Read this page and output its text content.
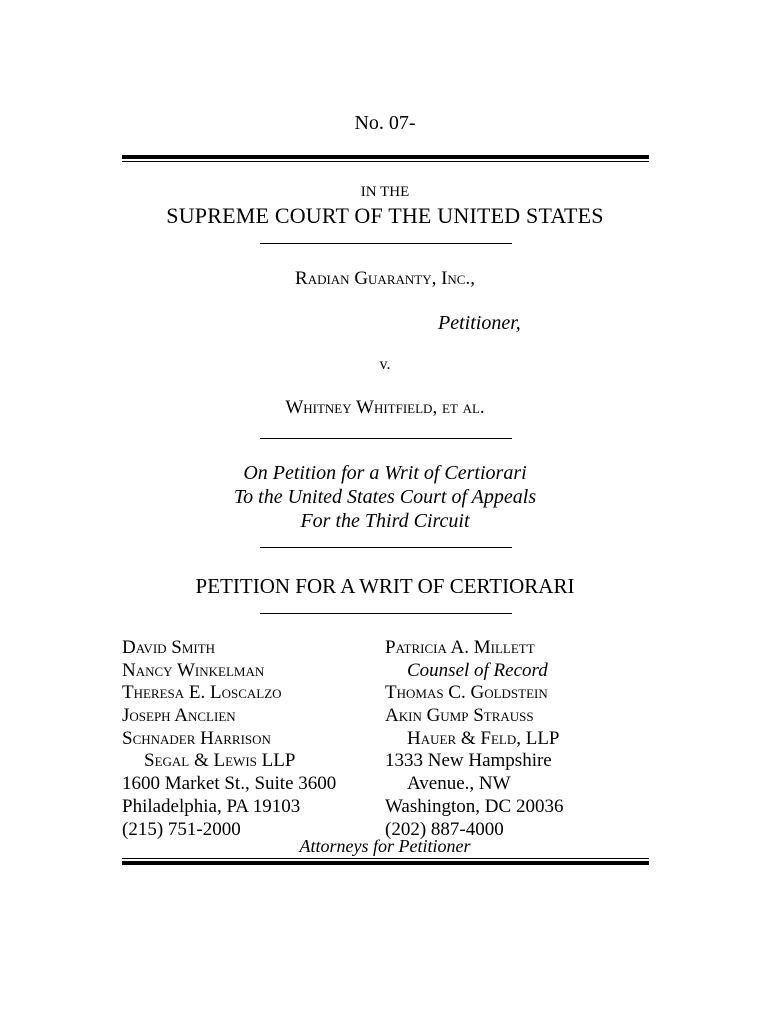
No. 07-
IN THE
SUPREME COURT OF THE UNITED STATES
Radian Guaranty, Inc.,
Petitioner,
v.
Whitney Whitfield, et al.
On Petition for a Writ of Certiorari
To the United States Court of Appeals
For the Third Circuit
PETITION FOR A WRIT OF CERTIORARI
David Smith
Nancy Winkelman
Theresa E. Loscalzo
Joseph Anclien
Schnader Harrison
Segal & Lewis LLP
1600 Market St., Suite 3600
Philadelphia, PA 19103
(215) 751-2000
Patricia A. Millett
Counsel of Record
Thomas C. Goldstein
Akin Gump Strauss
Hauer & Feld, LLP
1333 New Hampshire
Avenue., NW
Washington, DC 20036
(202) 887-4000
Attorneys for Petitioner
